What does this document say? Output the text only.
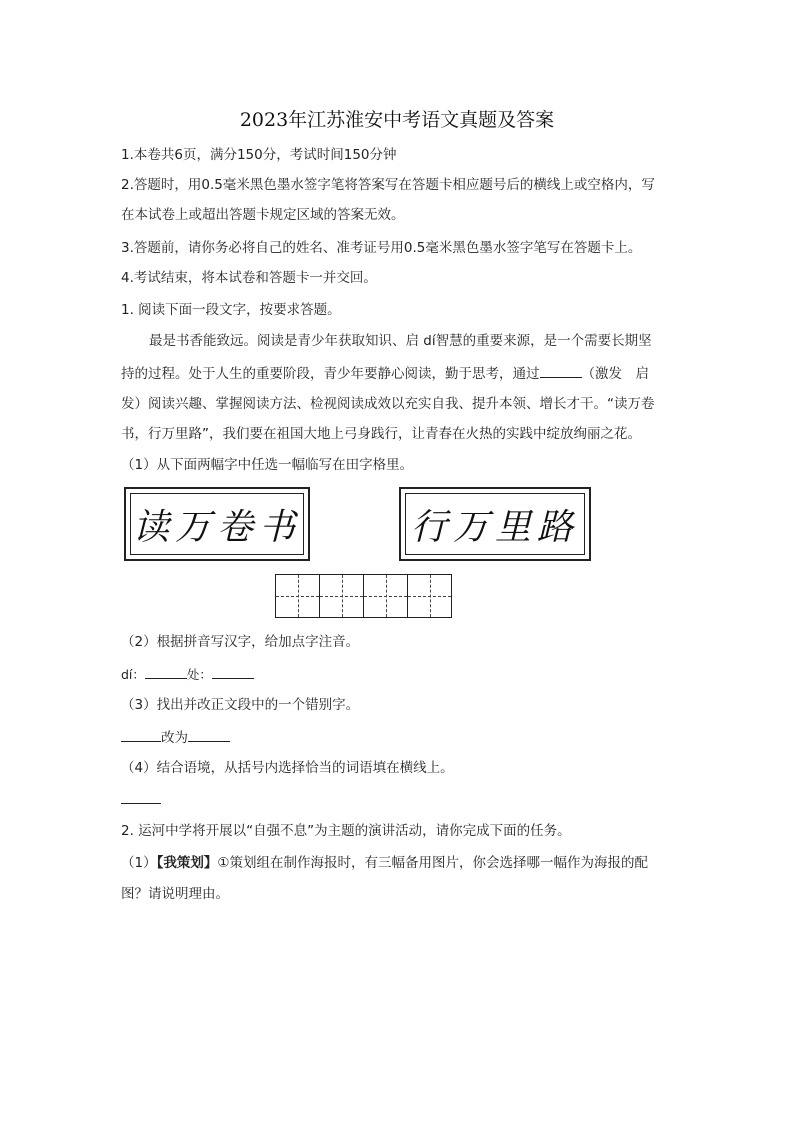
2023年江苏淮安中考语文真题及答案
1.本卷共6页，满分150分，考试时间150分钟
2.答题时，用0.5毫米黑色墨水签字笔将答案写在答题卡相应题号后的横线上或空格内，写
在本试卷上或超出答题卡规定区域的答案无效。
3.答题前，请你务必将自己的姓名、准考证号用0.5毫米黑色墨水签字笔写在答题卡上。
4.考试结束，将本试卷和答题卡一并交回。
1. 阅读下面一段文字，按要求答题。
最是书香能致远。阅读是青少年获取知识、启 dí智慧的重要来源，是一个需要长期坚
持的过程。处于人生的重要阶段，青少年要静心阅读，勤于思考，通过	（激发　启
发）阅读兴趣、掌握阅读方法、检视阅读成效以充实自我、提升本领、增长才干。“读万卷
书，行万里路”，我们要在祖国大地上弓身践行，让青春在火热的实践中绽放绚丽之花。
（1）从下面两幅字中任选一幅临写在田字格里。
读万卷书	行万里路
（2）根据拼音写汉字，给加点字注音。
dí：	处：
（3）找出并改正文段中的一个错别字。
改为
（4）结合语境，从括号内选择恰当的词语填在横线上。
2. 运河中学将开展以“自强不息”为主题的演讲活动，请你完成下面的任务。
（1）【我策划】①策划组在制作海报时，有三幅备用图片，你会选择哪一幅作为海报的配
图？请说明理由。
